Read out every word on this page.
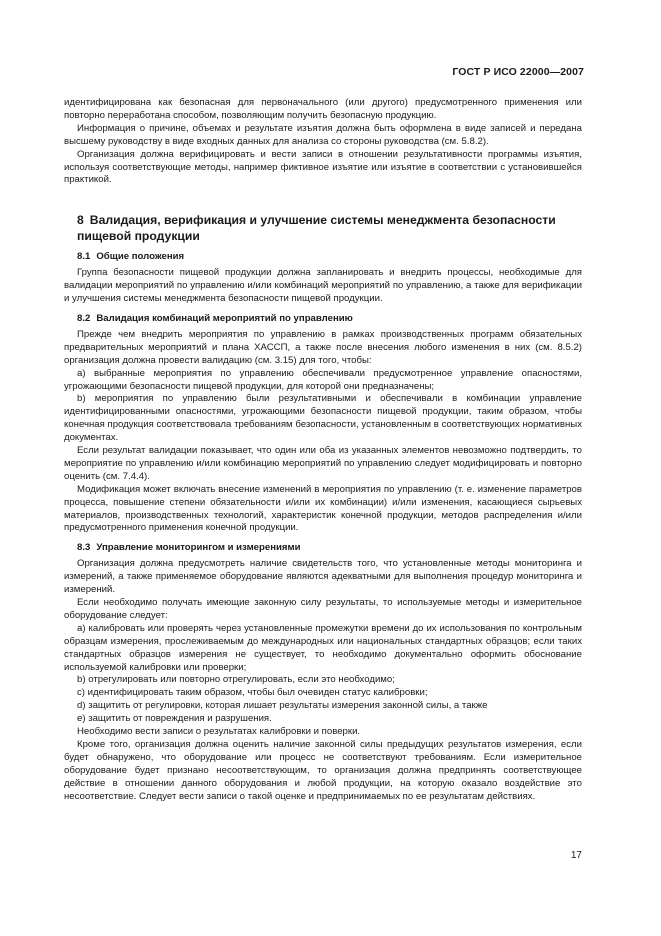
ГОСТ Р ИСО 22000—2007

идентифицирована как безопасная для первоначального (или другого) предусмотренного применения или повторно переработана способом, позволяющим получить безопасную продукцию.

Информация о причине, объемах и результате изъятия должна быть оформлена в виде записей и передана высшему руководству в виде входных данных для анализа со стороны руководства (см. 5.8.2).

Организация должна верифицировать и вести записи в отношении результативности программы изъятия, используя соответствующие методы, например фиктивное изъятие или изъятие в соответствии с установившейся практикой.

8 Валидация, верификация и улучшение системы менеджмента безопасности пищевой продукции
8.1 Общие положения

Группа безопасности пищевой продукции должна запланировать и внедрить процессы, необходимые для валидации мероприятий по управлению и/или комбинаций мероприятий по управлению, а также для верификации и улучшения системы менеджмента безопасности пищевой продукции.

8.2 Валидация комбинаций мероприятий по управлению

Прежде чем внедрить мероприятия по управлению в рамках производственных программ обязательных предварительных мероприятий и плана ХАССП, а также после внесения любого изменения в них (см. 8.5.2) организация должна провести валидацию (см. 3.15) для того, чтобы:

a) выбранные мероприятия по управлению обеспечивали предусмотренное управление опасностями, угрожающими безопасности пищевой продукции, для которой они предназначены;

b) мероприятия по управлению были результативными и обеспечивали в комбинации управление идентифицированными опасностями, угрожающими безопасности пищевой продукции, таким образом, чтобы конечная продукция соответствовала требованиям безопасности, установленным в соответствующих нормативных документах.

Если результат валидации показывает, что один или оба из указанных элементов невозможно подтвердить, то мероприятие по управлению и/или комбинацию мероприятий по управлению следует модифицировать и повторно оценить (см. 7.4.4).

Модификация может включать внесение изменений в мероприятия по управлению (т. е. изменение параметров процесса, повышение степени обязательности и/или их комбинации) и/или изменения, касающиеся сырьевых материалов, производственных технологий, характеристик конечной продукции, методов распределения и/или предусмотренного применения конечной продукции.

8.3 Управление мониторингом и измерениями

Организация должна предусмотреть наличие свидетельств того, что установленные методы мониторинга и измерений, а также применяемое оборудование являются адекватными для выполнения процедур мониторинга и измерений.

Если необходимо получать имеющие законную силу результаты, то используемые методы и измерительное оборудование следует:

a) калибровать или проверять через установленные промежутки времени до их использования по контрольным образцам измерения, прослеживаемым до международных или национальных стандартных образцов; если таких стандартных образцов измерения не существует, то необходимо документально оформить обоснование используемой калибровки или проверки;

b) отрегулировать или повторно отрегулировать, если это необходимо;

c) идентифицировать таким образом, чтобы был очевиден статус калибровки;

d) защитить от регулировки, которая лишает результаты измерения законной силы, а также

e) защитить от повреждения и разрушения.

Необходимо вести записи о результатах калибровки и поверки.

Кроме того, организация должна оценить наличие законной силы предыдущих результатов измерения, если будет обнаружено, что оборудование или процесс не соответствуют требованиям. Если измерительное оборудование будет признано несоответствующим, то организация должна предпринять соответствующее действие в отношении данного оборудования и любой продукции, на которую оказало воздействие это несоответствие. Следует вести записи о такой оценке и предпринимаемых по ее результатам действиях.

17
